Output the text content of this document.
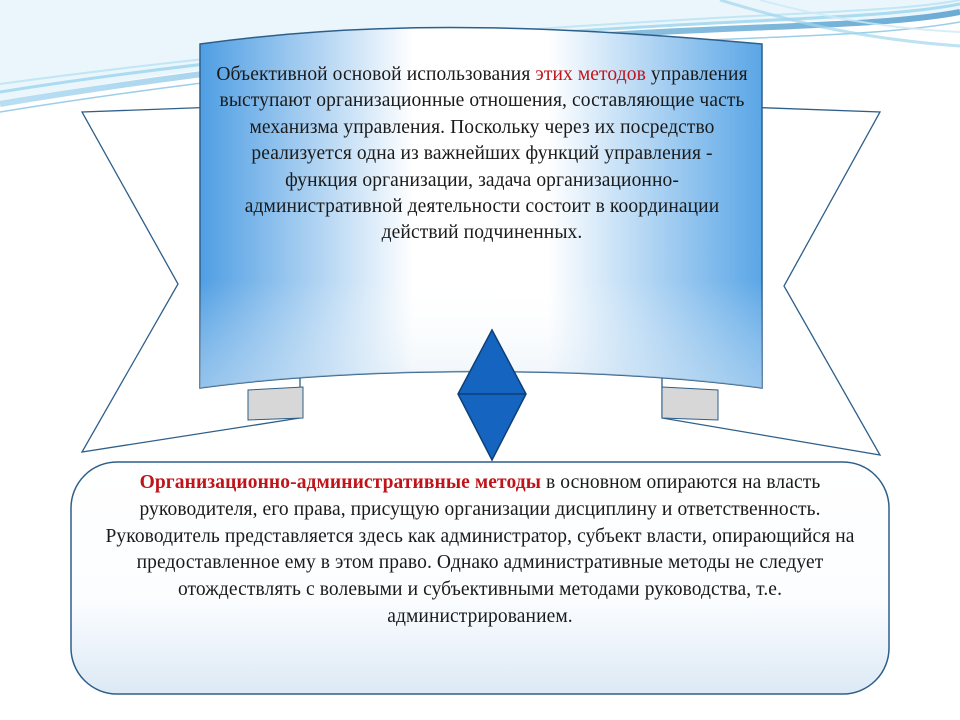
Объективной основой использования этих методов управления выступают организационные отношения, составляющие часть механизма управления. Поскольку через их посредство реализуется одна из важнейших функций управления - функция организации, задача организационно-административной деятельности состоит в координации действий подчиненных.

Организационно-административные методы в основном опираются на власть руководителя, его права, присущую организации дисциплину и ответственность. Руководитель представляется здесь как администратор, субъект власти, опирающийся на предоставленное ему в этом право. Однако административные методы не следует отождествлять с волевыми и субъективными методами руководства, т.е. администрированием.
